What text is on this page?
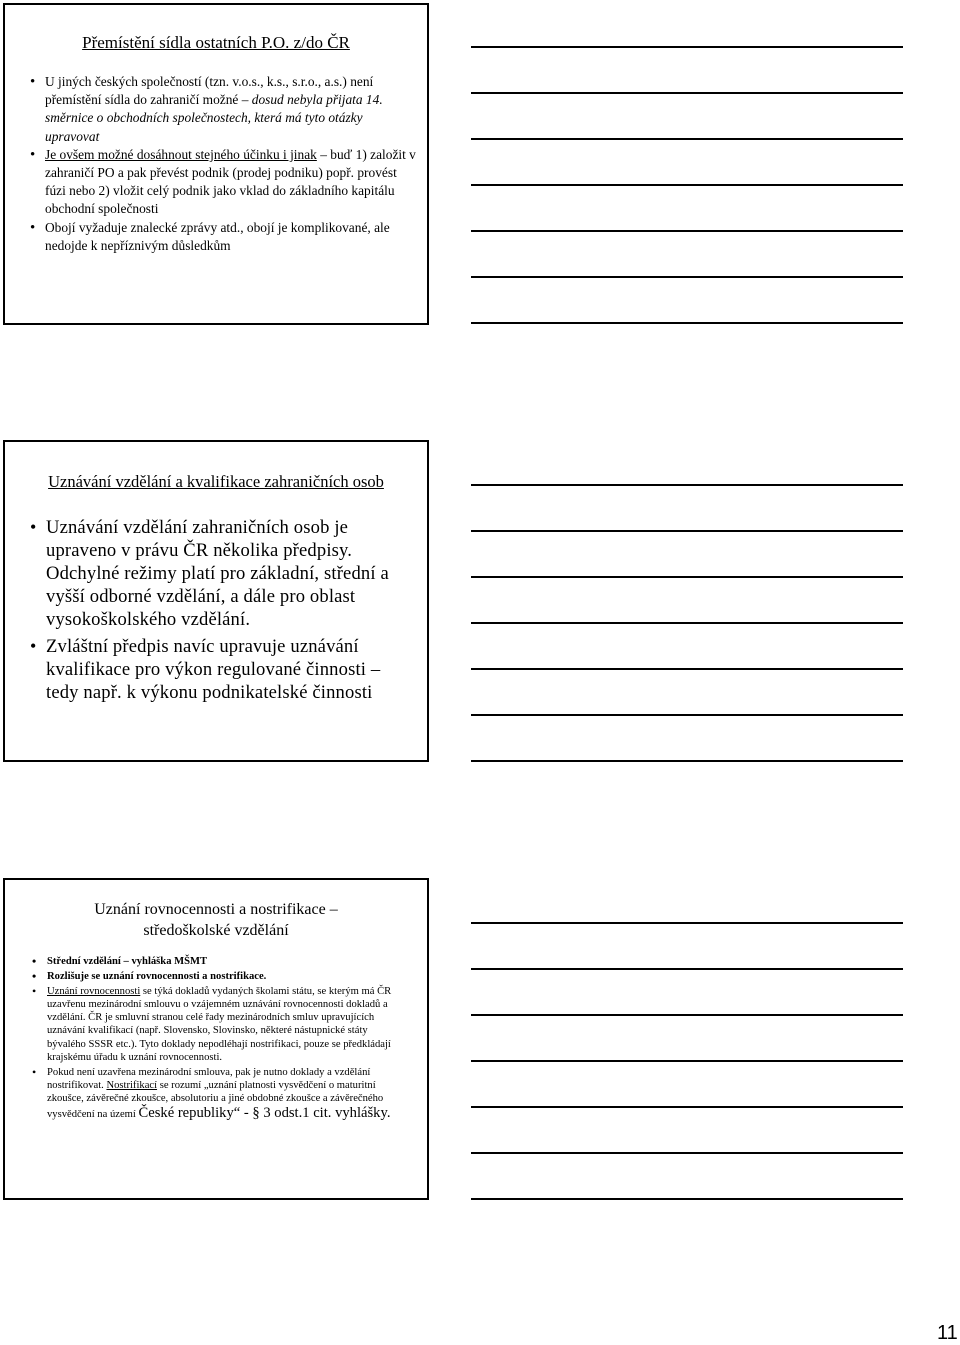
Přemístění sídla ostatních P.O. z/do ČR

• U jiných českých společností (tzn. v.o.s., k.s., s.r.o., a.s.) není přemístění sídla do zahraničí možné – dosud nebyla přijata 14. směrnice o obchodních společnostech, která má tyto otázky upravovat
• Je ovšem možné dosáhnout stejného účinku i jinak – buď 1) založit v zahraničí PO a pak převést podnik (prodej podniku) popř. provést fúzi nebo 2) vložit celý podnik jako vklad do základního kapitálu obchodní společnosti
• Obojí vyžaduje znalecké zprávy atd., obojí je komplikované, ale nedojde k nepříznivým důsledkům

Uznávání vzdělání a kvalifikace zahraničních osob

• Uznávání vzdělání zahraničních osob je upraveno v právu ČR několika předpisy. Odchylné režimy platí pro základní, střední a vyšší odborné vzdělání, a dále pro oblast vysokoškolského vzdělání.
• Zvláštní předpis navíc upravuje uznávání kvalifikace pro výkon regulované činnosti – tedy např. k výkonu podnikatelské činnosti

Uznání rovnocennosti a nostrifikace –
středoškolské vzdělání

• Střední vzdělání – vyhláška MŠMT
• Rozlišuje se uznání rovnocennosti a nostrifikace.
• Uznání rovnocennosti se týká dokladů vydaných školami státu, se kterým má ČR uzavřenu mezinárodní smlouvu o vzájemném uznávání rovnocennosti dokladů a vzdělání. ČR je smluvní stranou celé řady mezinárodních smluv upravujících uznávání kvalifikací (např. Slovensko, Slovinsko, některé nástupnické státy bývalého SSSR etc.). Tyto doklady nepodléhají nostrifikaci, pouze se předkládají krajskému úřadu k uznání rovnocennosti.
• Pokud není uzavřena mezinárodní smlouva, pak je nutno doklady a vzdělání nostrifikovat. Nostrifikací se rozumí „uznání platnosti vysvědčení o maturitní zkoušce, závěrečné zkoušce, absolutoriu a jiné obdobné zkoušce a závěrečného vysvědčení na území České republiky“ - § 3 odst.1 cit. vyhlášky.
11
